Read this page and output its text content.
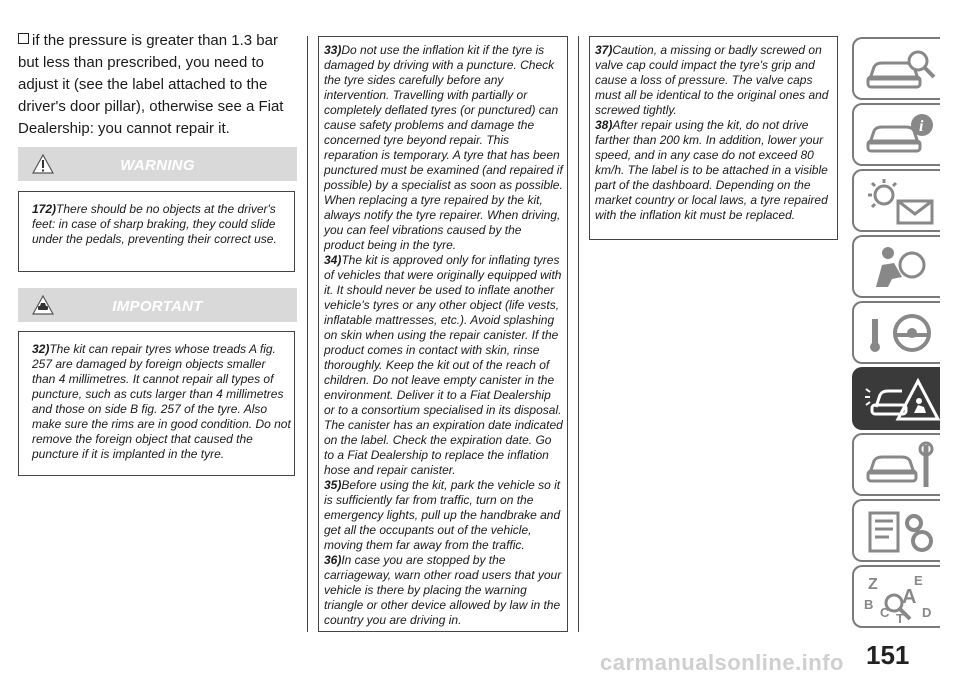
if the pressure is greater than 1.3 bar but less than prescribed, you need to adjust it (see the label attached to the driver's door pillar), otherwise see a Fiat Dealership: you cannot repair it.
WARNING
172)There should be no objects at the driver's feet: in case of sharp braking, they could slide under the pedals, preventing their correct use.
IMPORTANT
32)The kit can repair tyres whose treads A fig. 257 are damaged by foreign objects smaller than 4 millimetres. It cannot repair all types of puncture, such as cuts larger than 4 millimetres and those on side B fig. 257 of the tyre. Also make sure the rims are in good condition. Do not remove the foreign object that caused the puncture if it is implanted in the tyre.

33)Do not use the inflation kit if the tyre is damaged by driving with a puncture. Check the tyre sides carefully before any intervention. Travelling with partially or completely deflated tyres (or punctured) can cause safety problems and damage the concerned tyre beyond repair. This reparation is temporary. A tyre that has been punctured must be examined (and repaired if possible) by a specialist as soon as possible. When replacing a tyre repaired by the kit, always notify the tyre repairer. When driving, you can feel vibrations caused by the product being in the tyre.

34)The kit is approved only for inflating tyres of vehicles that were originally equipped with it. It should never be used to inflate another vehicle's tyres or any other object (life vests, inflatable mattresses, etc.). Avoid splashing on skin when using the repair canister. If the product comes in contact with skin, rinse thoroughly. Keep the kit out of the reach of children. Do not leave empty canister in the environment. Deliver it to a Fiat Dealership or to a consortium specialised in its disposal. The canister has an expiration date indicated on the label. Check the expiration date. Go to a Fiat Dealership to replace the inflation hose and repair canister.

35)Before using the kit, park the vehicle so it is sufficiently far from traffic, turn on the emergency lights, pull up the handbrake and get all the occupants out of the vehicle, moving them far away from the traffic.

36)In case you are stopped by the carriageway, warn other road users that your vehicle is there by placing the warning triangle or other device allowed by law in the country you are driving in.

37)Caution, a missing or badly screwed on valve cap could impact the tyre's grip and cause a loss of pressure. The valve caps must all be identical to the original ones and screwed tightly.

38)After repair using the kit, do not drive farther than 200 km. In addition, lower your speed, and in any case do not exceed 80 km/h. The label is to be attached in a visible part of the dashboard. Depending on the market country or local laws, a tyre repaired with the inflation kit must be replaced.

i
Z	E
A
B
C	D
T
151
carmanualsonline.info
